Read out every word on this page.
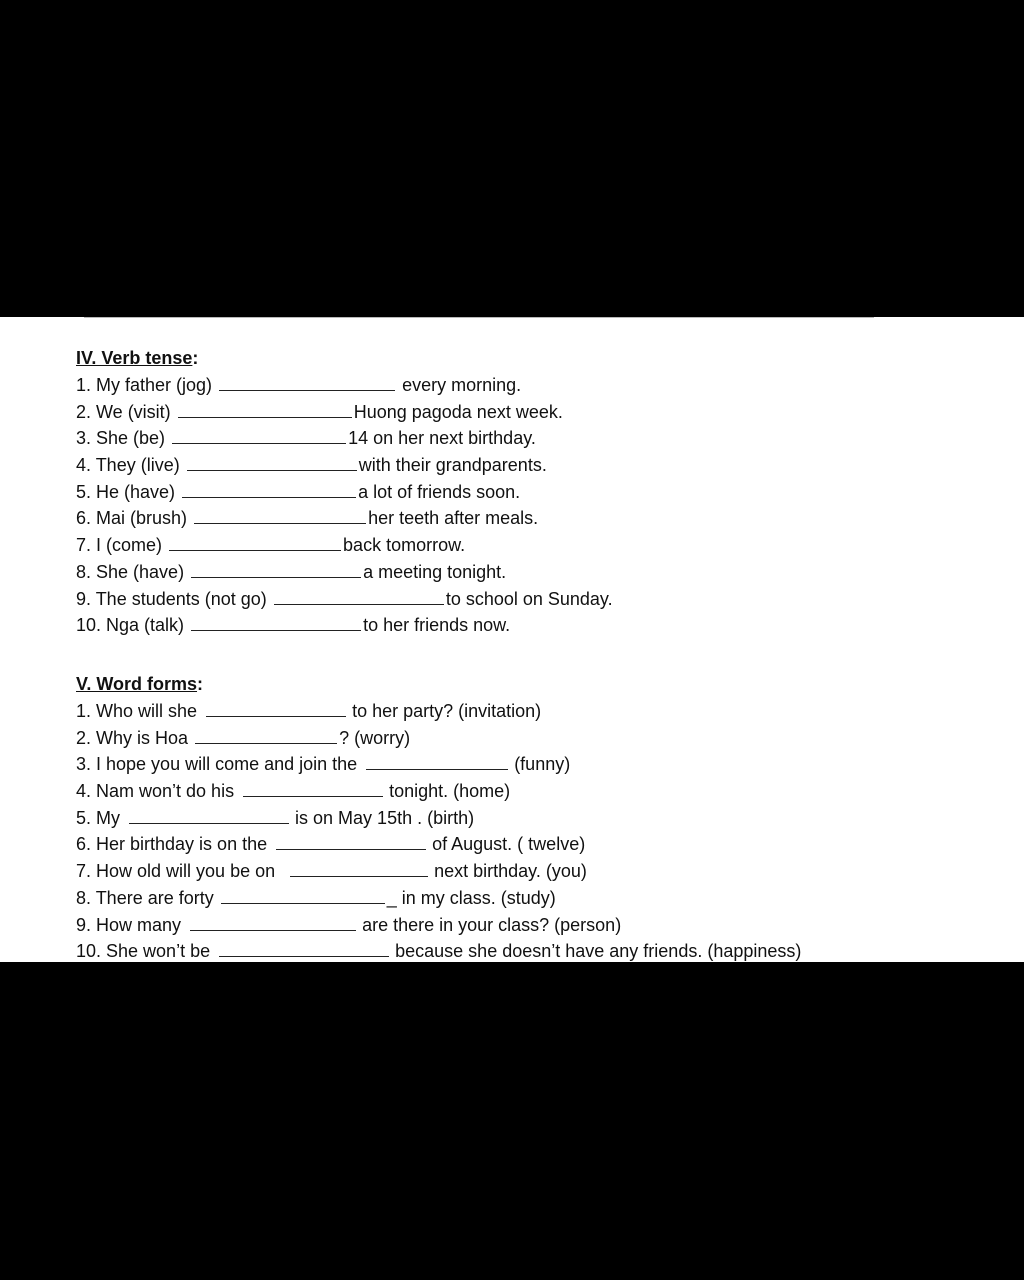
IV. Verb tense:
1. My father (jog)	every morning.
2. We (visit)	Huong pagoda next week.
3. She (be)	14 on her next birthday.
4. They (live)	with their grandparents.
5. He (have)	a lot of friends soon.
6. Mai (brush)	her teeth after meals.
7. I (come)	back tomorrow.
8. She (have)	a meeting tonight.
9. The students (not go)	to school on Sunday.
10. Nga (talk)	to her friends now.
V. Word forms:
1. Who will she	to her party? (invitation)
2. Why is Hoa	? (worry)
3. I hope you will come and join the	(funny)
4. Nam won’t do his	tonight. (home)
5. My	is on May 15th . (birth)
6. Her birthday is on the	of August. ( twelve)
7. How old will you be on	next birthday. (you)
8. There are forty	_ in my class. (study)
9. How many	are there in your class? (person)
10. She won’t be	because she doesn’t have any friends. (happiness)
